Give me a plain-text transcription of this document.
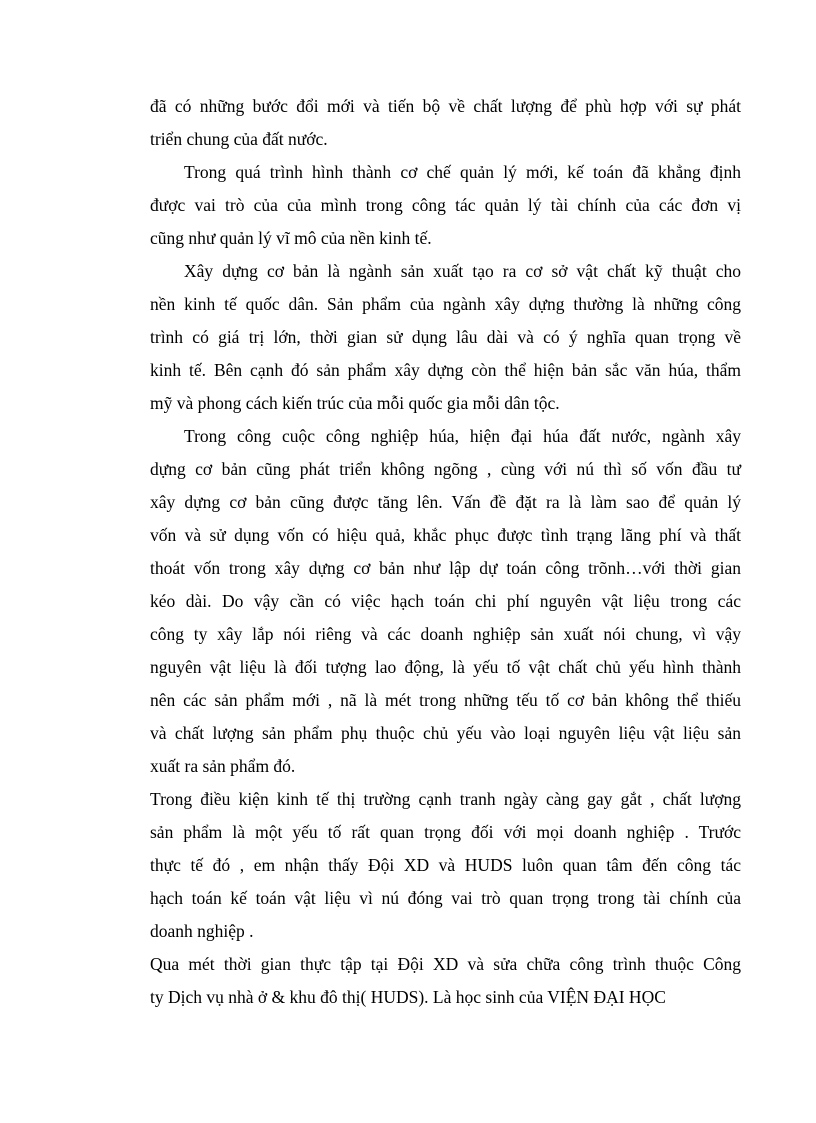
đã có những bước đổi mới và tiến bộ về chất lượng để phù hợp với sự phát
triển chung của đất nước.
Trong quá trình hình thành cơ chế quản lý mới, kế toán đã khẳng định
được vai trò của của mình trong công tác quản lý tài chính của các đơn vị
cũng như quản lý vĩ mô của nền kinh tế.
Xây dựng cơ bản là ngành sản xuất tạo ra cơ sở vật chất kỹ thuật cho
nền kinh tế quốc dân. Sản phẩm của ngành xây dựng thường là những công
trình có giá trị lớn, thời gian sử dụng lâu dài và có ý nghĩa quan trọng về
kinh tế. Bên cạnh đó sản phẩm xây dựng còn thể hiện bản sắc văn húa, thẩm
mỹ và phong cách kiến trúc của mỗi quốc gia mỗi dân tộc.
Trong công cuộc công nghiệp húa, hiện đại húa đất nước, ngành xây
dựng cơ bản cũng phát triển không ngõng , cùng với nú thì số vốn đầu tư
xây dựng cơ bản cũng được tăng lên. Vấn đề đặt ra là làm sao để quản lý
vốn và sử dụng vốn có hiệu quả, khắc phục được tình trạng lãng phí và thất
thoát vốn trong xây dựng cơ bản như lập dự toán công trõnh…với thời gian
kéo dài. Do vậy cần có việc hạch toán chi phí nguyên vật liệu trong các
công ty xây lắp nói riêng và các doanh nghiệp sản xuất nói chung, vì vậy
nguyên vật liệu là đối tượng lao động, là yếu tố vật chất chủ yếu hình thành
nên các sản phẩm mới , nã là mét trong những tếu tố cơ bản không thể thiếu
và chất lượng sản phẩm phụ thuộc chủ yếu vào loại nguyên liệu vật liệu sản
xuất ra sản phẩm đó.
Trong điều kiện kinh tế thị trường cạnh tranh ngày càng gay gắt , chất lượng
sản phẩm là một yếu tố rất quan trọng đối với mọi doanh nghiệp . Trước
thực tế đó , em nhận thấy Đội XD và HUDS luôn quan tâm đến công tác
hạch toán kế toán vật liệu vì nú đóng vai trò quan trọng trong tài chính của
doanh nghiệp .
Qua mét thời gian thực tập tại Đội XD và sửa chữa công trình thuộc Công
ty Dịch vụ nhà ở & khu đô thị( HUDS). Là học sinh của VIỆN ĐẠI HỌC
